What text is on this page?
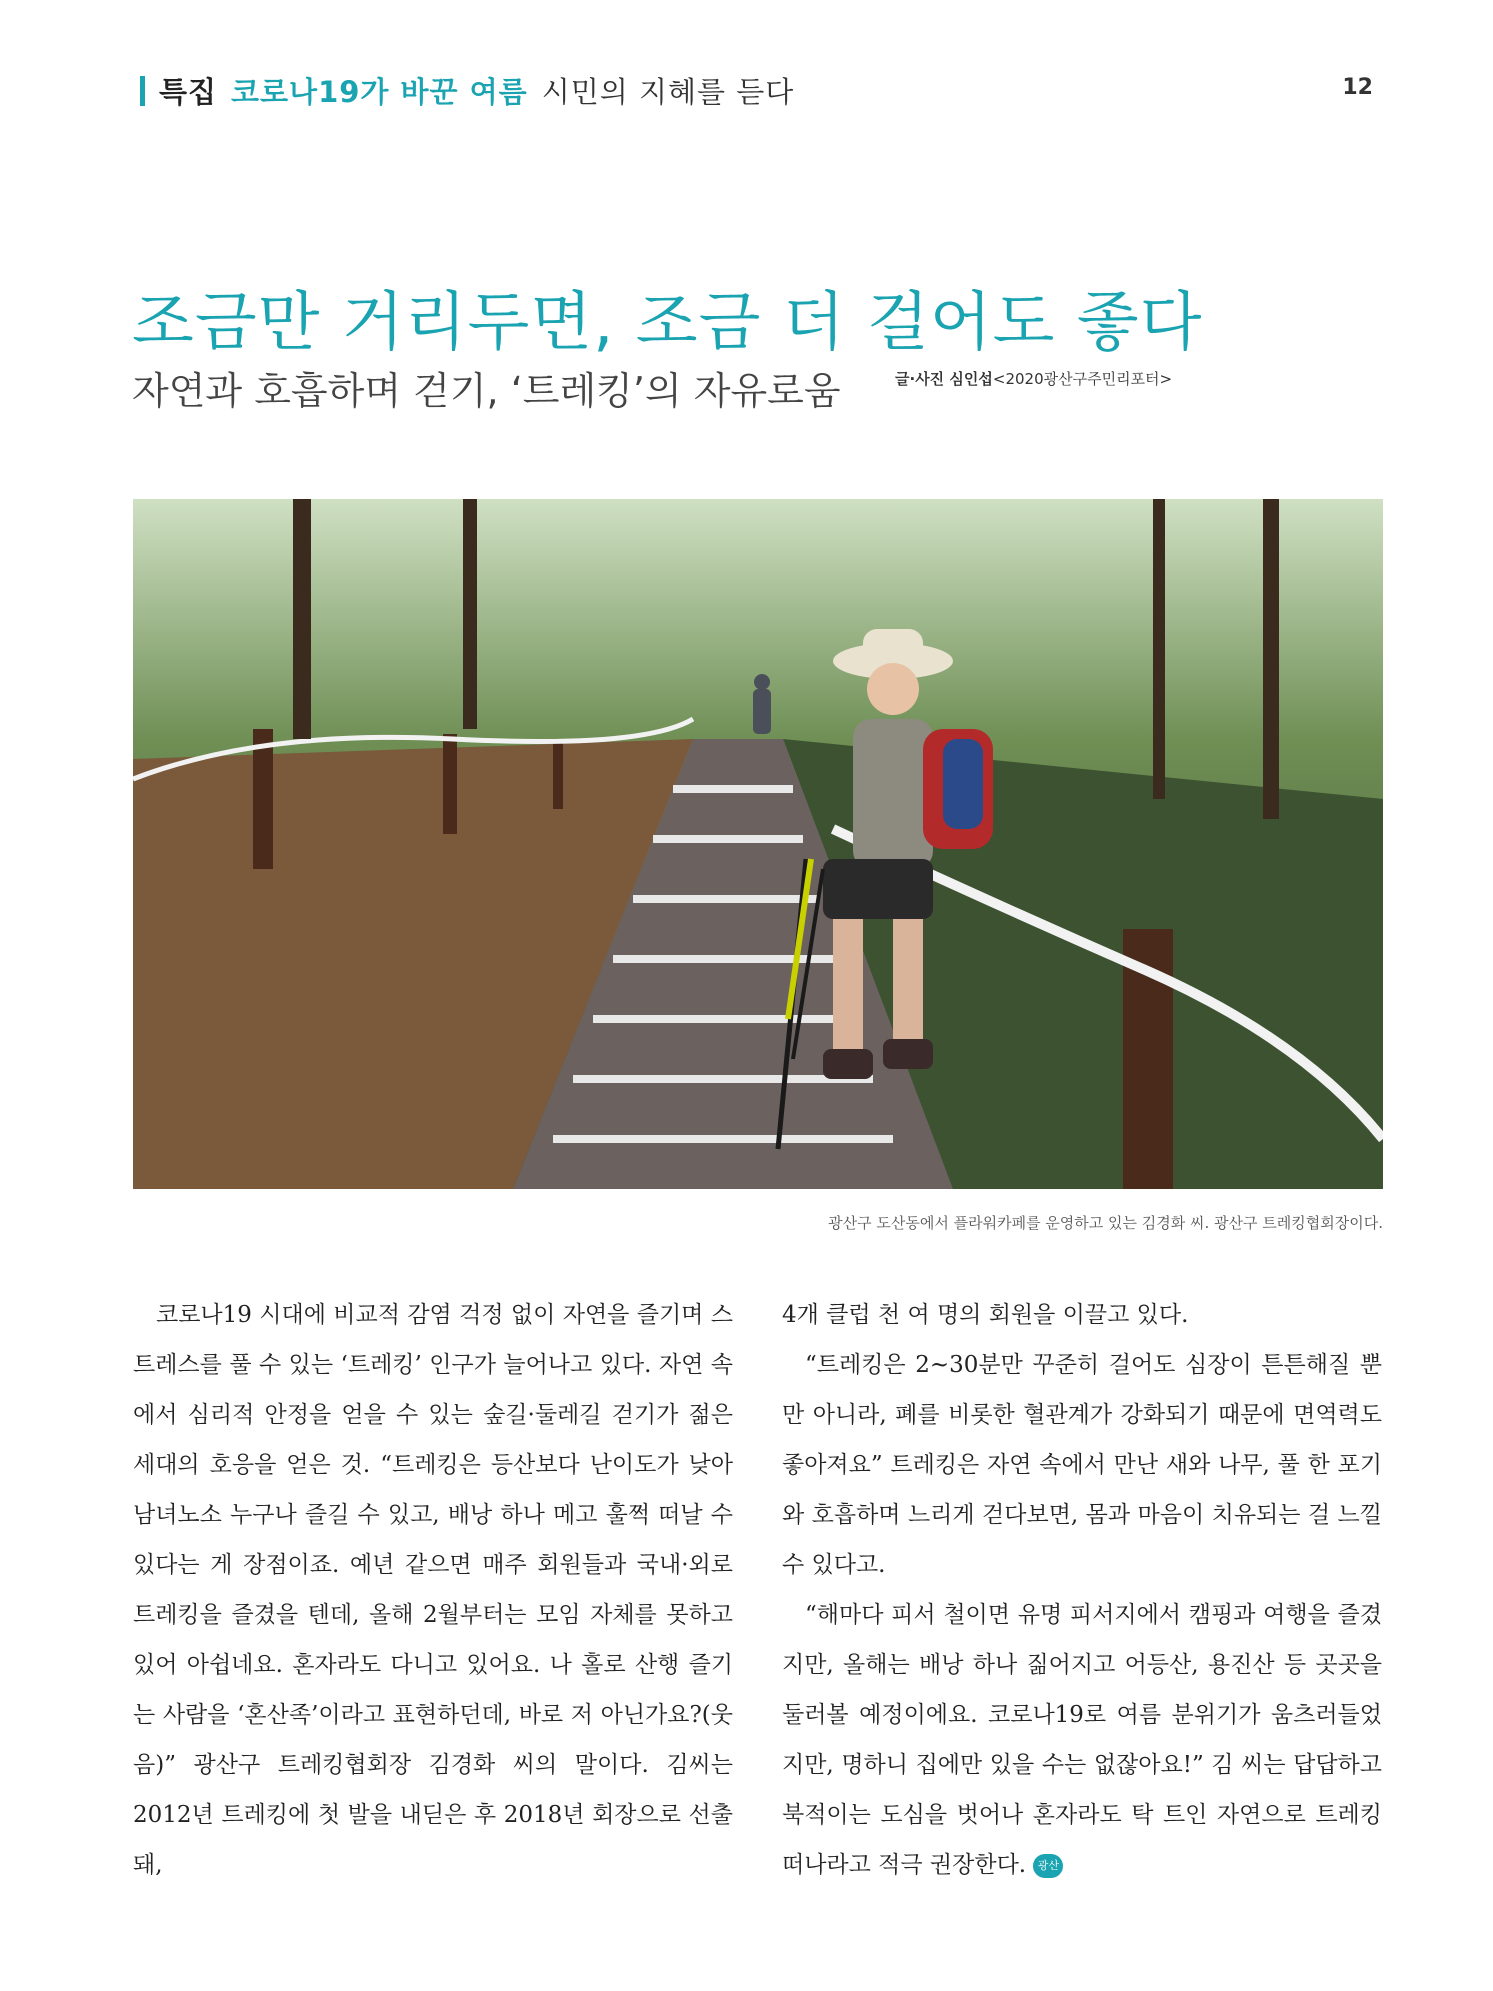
특집 코로나19가 바꾼 여름 시민의 지혜를 듣다	12
조금만 거리두면, 조금 더 걸어도 좋다
자연과 호흡하며 걷기, ‘트레킹’의 자유로움	글·사진 심인섭<2020광산구주민리포터>
광산구 도산동에서 플라워카페를 운영하고 있는 김경화 씨. 광산구 트레킹협회장이다.

코로나19 시대에 비교적 감염 걱정 없이 자연을 즐기며 스트레스를 풀 수 있는 ‘트레킹’ 인구가 늘어나고 있다. 자연 속에서 심리적 안정을 얻을 수 있는 숲길·둘레길 걷기가 젊은 세대의 호응을 얻은 것. “트레킹은 등산보다 난이도가 낮아 남녀노소 누구나 즐길 수 있고, 배낭 하나 메고 훌쩍 떠날 수 있다는 게 장점이죠. 예년 같으면 매주 회원들과 국내·외로 트레킹을 즐겼을 텐데, 올해 2월부터는 모임 자체를 못하고 있어 아쉽네요. 혼자라도 다니고 있어요. 나 홀로 산행 즐기는 사람을 ‘혼산족’이라고 표현하던데, 바로 저 아닌가요?(웃음)” 광산구 트레킹협회장 김경화 씨의 말이다. 김씨는 2012년 트레킹에 첫 발을 내딛은 후 2018년 회장으로 선출돼,

4개 클럽 천 여 명의 회원을 이끌고 있다.

“트레킹은 2~30분만 꾸준히 걸어도 심장이 튼튼해질 뿐만 아니라, 폐를 비롯한 혈관계가 강화되기 때문에 면역력도 좋아져요” 트레킹은 자연 속에서 만난 새와 나무, 풀 한 포기와 호흡하며 느리게 걷다보면, 몸과 마음이 치유되는 걸 느낄 수 있다고.

“해마다 피서 철이면 유명 피서지에서 캠핑과 여행을 즐겼지만, 올해는 배낭 하나 짊어지고 어등산, 용진산 등 곳곳을 둘러볼 예정이에요. 코로나19로 여름 분위기가 움츠러들었지만, 명하니 집에만 있을 수는 없잖아요!” 김 씨는 답답하고 북적이는 도심을 벗어나 혼자라도 탁 트인 자연으로 트레킹 떠나라고 적극 권장한다. 광산
